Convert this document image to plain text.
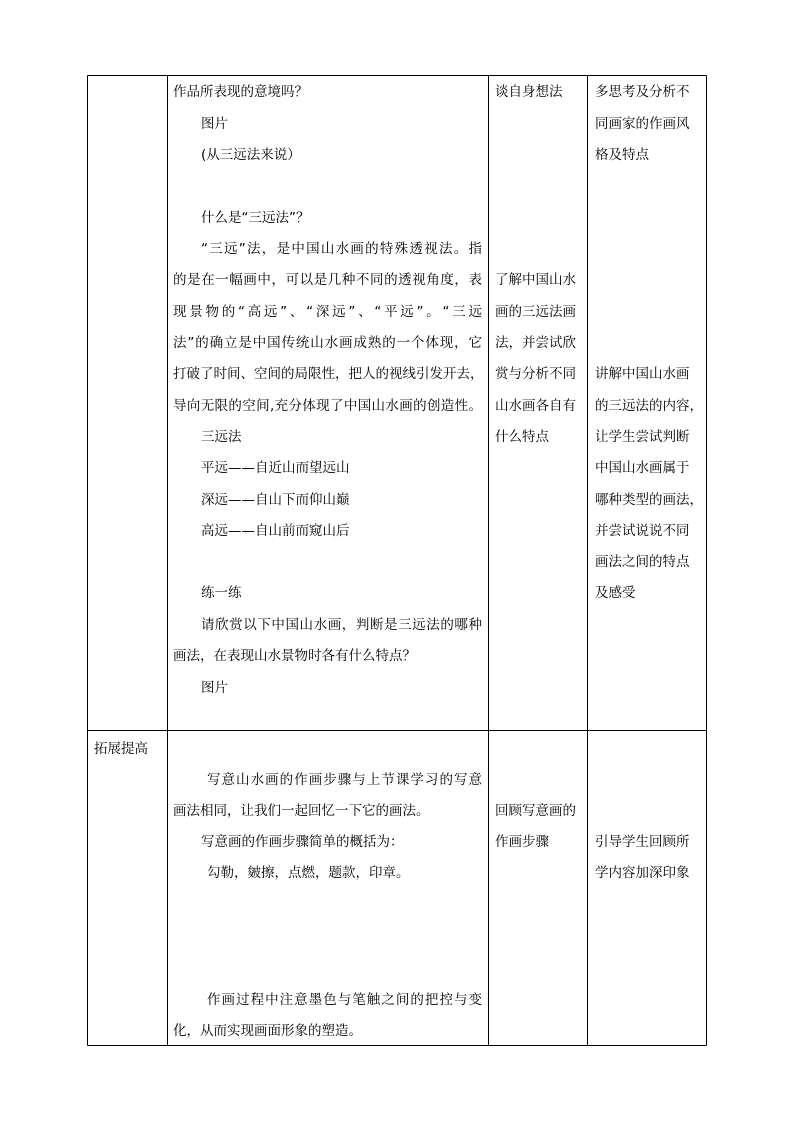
作品所表现的意境吗？
图片
(从三远法来说）
什么是“三远法”？
“三远”法，是中国山水画的特殊透视法。指
的是在一幅画中，可以是几种不同的透视角度，表
现景物的“高远”、“深远”、“平远”。“三远
法”的确立是中国传统山水画成熟的一个体现，它
打破了时间、空间的局限性，把人的视线引发开去，
导向无限的空间,充分体现了中国山水画的创造性。
三远法
平远——自近山而望远山
深远——自山下而仰山巅
高远——自山前而窥山后
练一练
请欣赏以下中国山水画，判断是三远法的哪种
画法，在表现山水景物时各有什么特点？
图片
谈自身想法
了解中国山水
画的三远法画
法，并尝试欣
赏与分析不同
山水画各自有
什么特点
多思考及分析不
同画家的作画风
格及特点
讲解中国山水画
的三远法的内容，
让学生尝试判断
中国山水画属于
哪种类型的画法，
并尝试说说不同
画法之间的特点
及感受
拓展提高
写意山水画的作画步骤与上节课学习的写意
画法相同，让我们一起回忆一下它的画法。
写意画的作画步骤简单的概括为：
勾勒，皴擦，点燃，题款，印章。
作画过程中注意墨色与笔触之间的把控与变
化，从而实现画面形象的塑造。
回顾写意画的
作画步骤	引导学生回顾所
学内容加深印象
